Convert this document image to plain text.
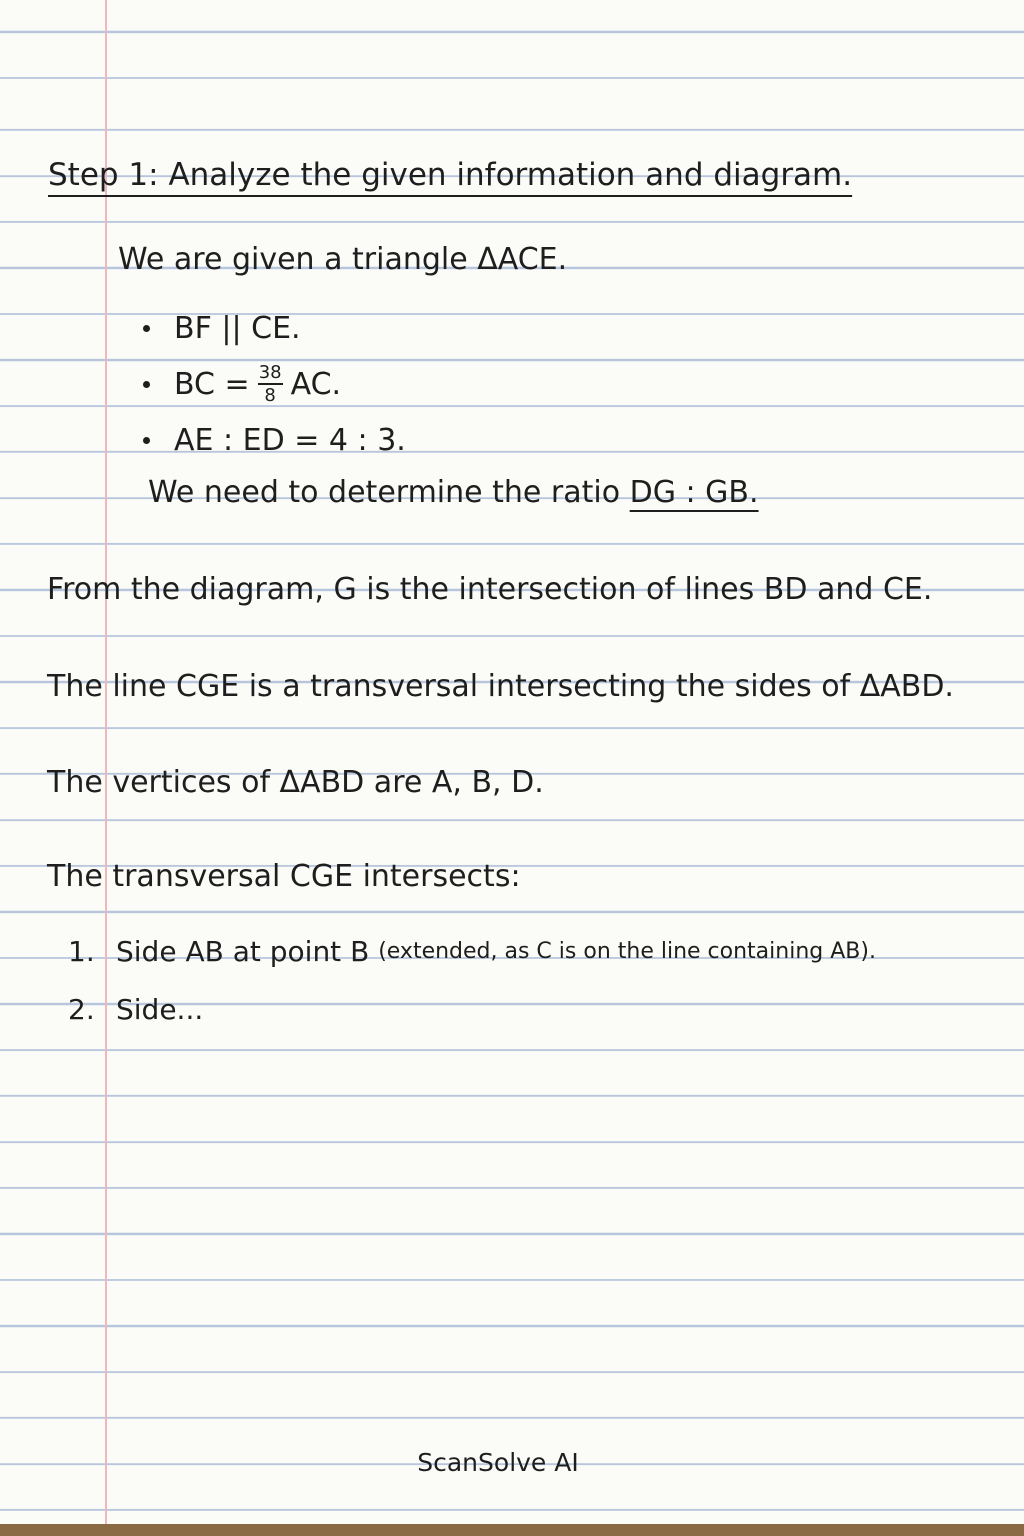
Step 1: Analyze the given information and diagram.
We are given a triangle ΔACE.
BF || CE.
BC = $\frac{38}{8}$ AC.
AE : ED = 4 : 3.
We need to determine the ratio DG : GB.
From the diagram, G is the intersection of lines BD and CE.
The line CGE is a transversal intersecting the sides of ΔABD.
The vertices of ΔABD are A, B, D.
The transversal CGE intersects:
1. Side AB at point B
(extended, as C is on the line containing AB).
2. Side...
ScanSolve AI
